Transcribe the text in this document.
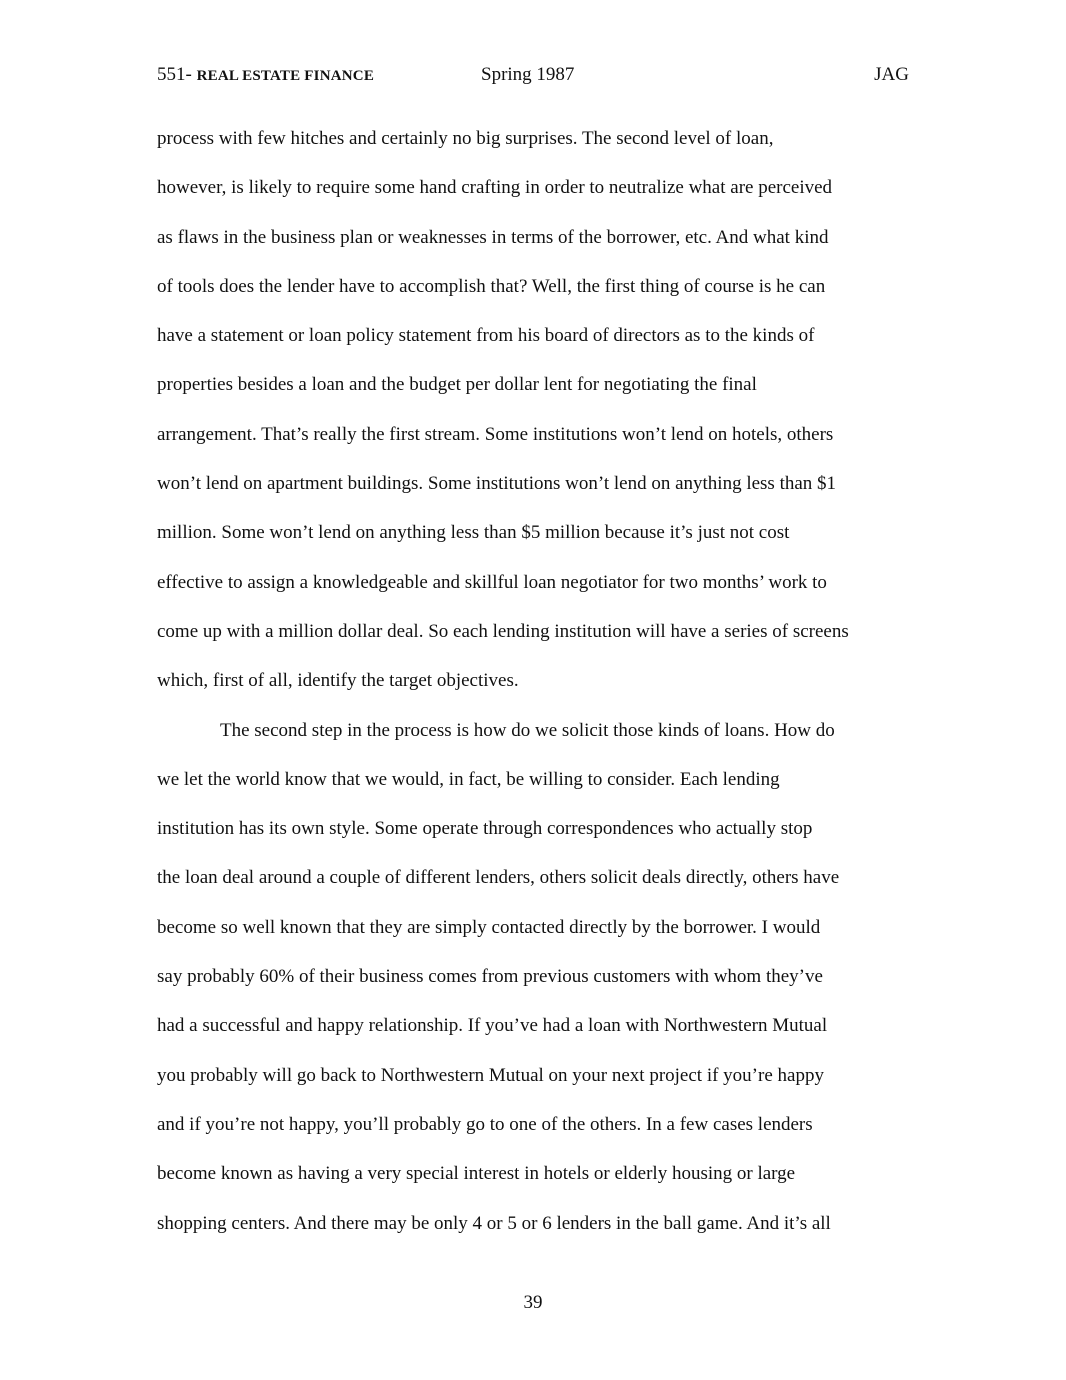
551- REAL ESTATE FINANCE	Spring 1987	JAG
process with few hitches and certainly no big surprises. The second level of loan,
however, is likely to require some hand crafting in order to neutralize what are perceived
as flaws in the business plan or weaknesses in terms of the borrower, etc. And what kind
of tools does the lender have to accomplish that? Well, the first thing of course is he can
have a statement or loan policy statement from his board of directors as to the kinds of
properties besides a loan and the budget per dollar lent for negotiating the final
arrangement. That’s really the first stream. Some institutions won’t lend on hotels, others
won’t lend on apartment buildings. Some institutions won’t lend on anything less than $1
million. Some won’t lend on anything less than $5 million because it’s just not cost
effective to assign a knowledgeable and skillful loan negotiator for two months’ work to
come up with a million dollar deal. So each lending institution will have a series of screens
which, first of all, identify the target objectives.
The second step in the process is how do we solicit those kinds of loans. How do
we let the world know that we would, in fact, be willing to consider. Each lending
institution has its own style. Some operate through correspondences who actually stop
the loan deal around a couple of different lenders, others solicit deals directly, others have
become so well known that they are simply contacted directly by the borrower. I would
say probably 60% of their business comes from previous customers with whom they’ve
had a successful and happy relationship. If you’ve had a loan with Northwestern Mutual
you probably will go back to Northwestern Mutual on your next project if you’re happy
and if you’re not happy, you’ll probably go to one of the others. In a few cases lenders
become known as having a very special interest in hotels or elderly housing or large
shopping centers. And there may be only 4 or 5 or 6 lenders in the ball game. And it’s all
39
